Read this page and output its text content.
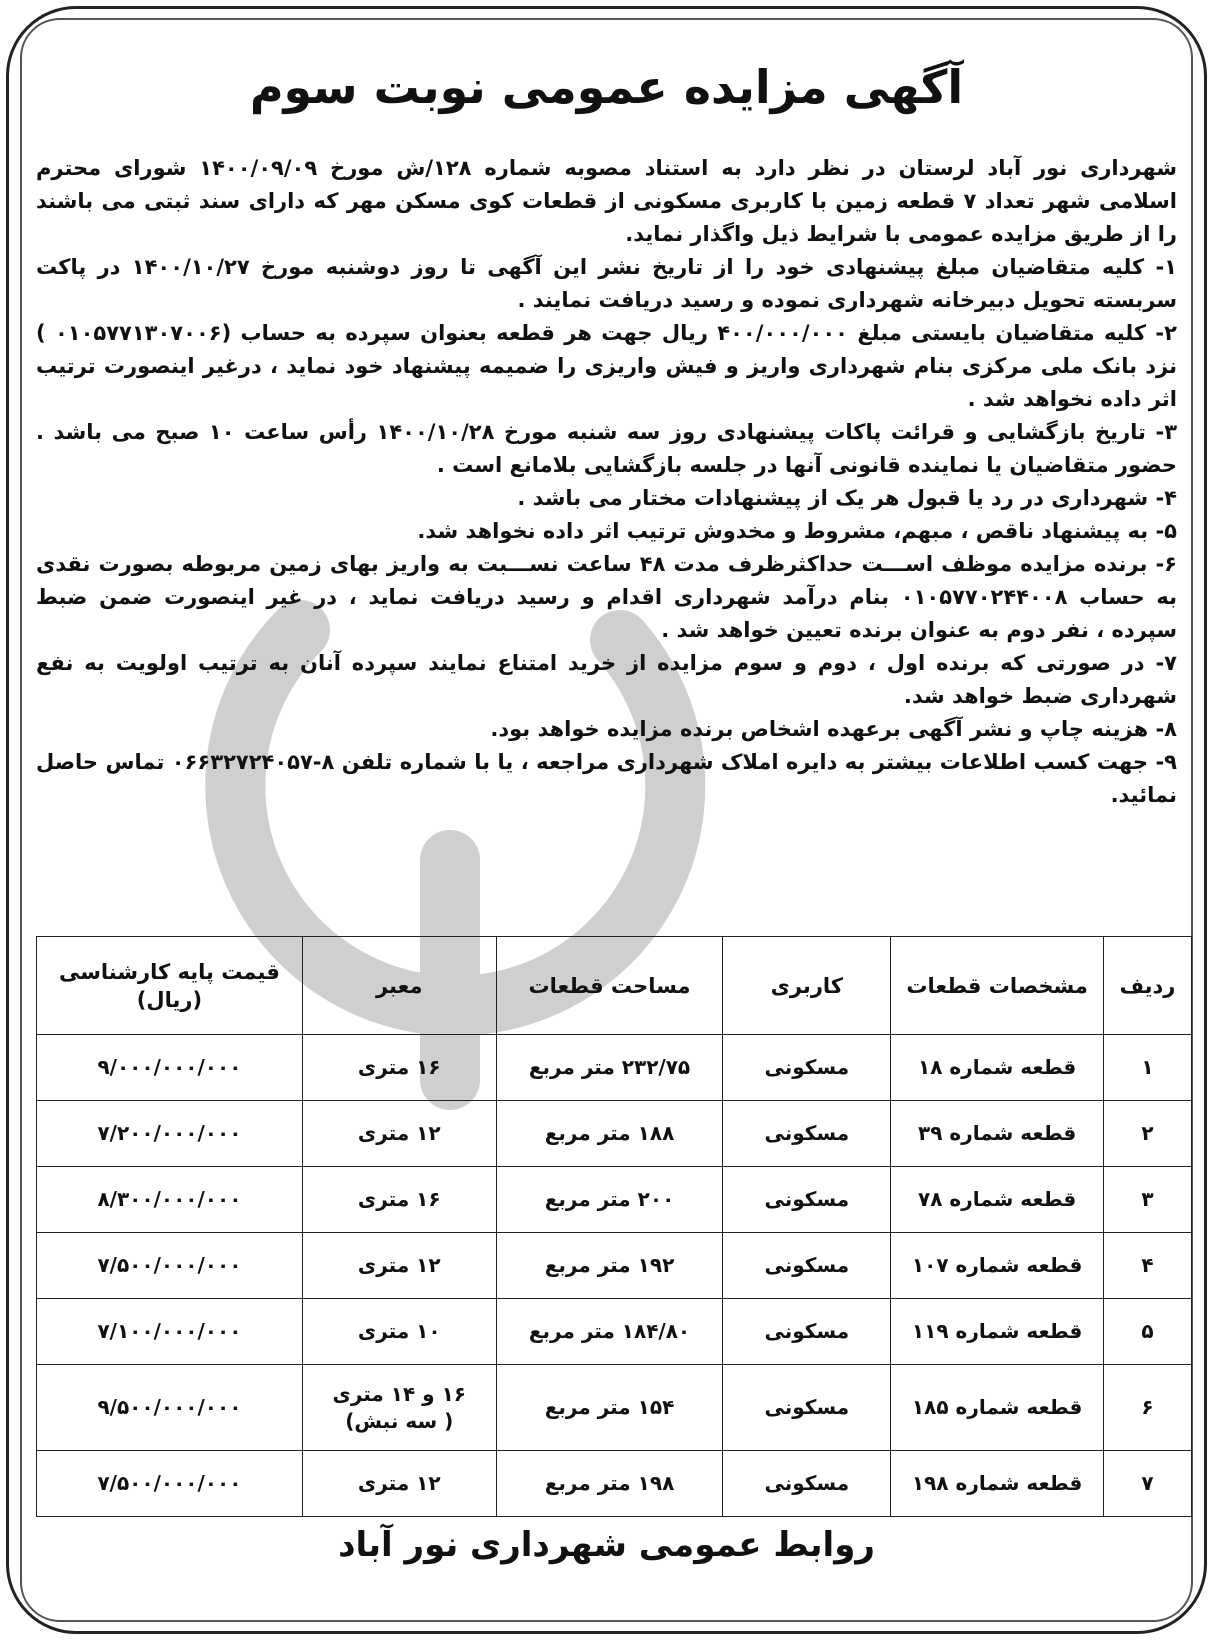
آگهی مزایده عمومی نوبت سوم

شهرداری نور آباد لرستان در نظر دارد به استناد مصوبه شماره ۱۲۸/ش مورخ ۱۴۰۰/۰۹/۰۹ شورای محترم اسلامی شهر تعداد ۷ قطعه زمین با کاربری مسکونی از قطعات کوی مسکن مهر که دارای سند ثبتی می باشند را از طریق مزایده عمومی با شرایط ذیل واگذار نماید.

۱- کلیه متقاضیان مبلغ پیشنهادی خود را از تاریخ نشر این آگهی تا روز دوشنبه مورخ ۱۴۰۰/۱۰/۲۷ در پاکت سربسته تحویل دبیرخانه شهرداری نموده و رسید دریافت نمایند .

۲- کلیه متقاضیان بایستی مبلغ ۴۰۰/۰۰۰/۰۰۰ ریال جهت هر قطعه بعنوان سپرده به حساب (۰۱۰۵۷۷۱۳۰۷۰۰۶ ) نزد بانک ملی مرکزی بنام شهرداری واریز و فیش واریزی را ضمیمه پیشنهاد خود نماید ، درغیر اینصورت ترتیب اثر داده نخواهد شد .

۳- تاریخ بازگشایی و قرائت پاکات پیشنهادی روز سه شنبه مورخ ۱۴۰۰/۱۰/۲۸ رأس ساعت ۱۰ صبح می باشد . حضور متقاضیان یا نماینده قانونی آنها در جلسه بازگشایی بلامانع است .

۴- شهرداری در رد یا قبول هر یک از پیشنهادات مختار می باشد .

۵- به پیشنهاد ناقص ، مبهم، مشروط و مخدوش ترتیب اثر داده نخواهد شد.

۶- برنده مزایده موظف اســـت حداکثرظرف مدت ۴۸ ساعت نســـبت به واریز بهای زمین مربوطه بصورت نقدی به حساب ۰۱۰۵۷۷۰۲۴۴۰۰۸ بنام درآمد شهرداری اقدام و رسید دریافت نماید ، در غیر اینصورت ضمن ضبط سپرده ، نفر دوم به عنوان برنده تعیین خواهد شد .

۷- در صورتی که برنده اول ، دوم و سوم مزایده از خرید امتناع نمایند سپرده آنان به ترتیب اولویت به نفع شهرداری ضبط خواهد شد.

۸- هزینه چاپ و نشر آگهی برعهده اشخاص برنده مزایده خواهد بود.

۹- جهت کسب اطلاعات بیشتر به دایره املاک شهرداری مراجعه ، یا با شماره تلفن ۸-۰۶۶۳۲۷۲۴۰۵۷ تماس حاصل نمائید.

ردیف	مشخصات قطعات	کاربری	مساحت قطعات	معبر	قیمت پایه کارشناسی
(ریال)

۱	قطعه شماره ۱۸	مسکونی	۲۳۲/۷۵ متر مربع	۱۶ متری	۹/۰۰۰/۰۰۰/۰۰۰
۲	قطعه شماره ۳۹	مسکونی	۱۸۸ متر مربع	۱۲ متری	۷/۲۰۰/۰۰۰/۰۰۰
۳	قطعه شماره ۷۸	مسکونی	۲۰۰ متر مربع	۱۶ متری	۸/۳۰۰/۰۰۰/۰۰۰
۴	قطعه شماره ۱۰۷	مسکونی	۱۹۲ متر مربع	۱۲ متری	۷/۵۰۰/۰۰۰/۰۰۰
۵	قطعه شماره ۱۱۹	مسکونی	۱۸۴/۸۰ متر مربع	۱۰ متری	۷/۱۰۰/۰۰۰/۰۰۰
۶	قطعه شماره ۱۸۵	مسکونی	۱۵۴ متر مربع	۱۶ و ۱۴ متری
( سه نبش)	۹/۵۰۰/۰۰۰/۰۰۰
۷	قطعه شماره ۱۹۸	مسکونی	۱۹۸ متر مربع	۱۲ متری	۷/۵۰۰/۰۰۰/۰۰۰
روابط عمومی شهرداری نور آباد
